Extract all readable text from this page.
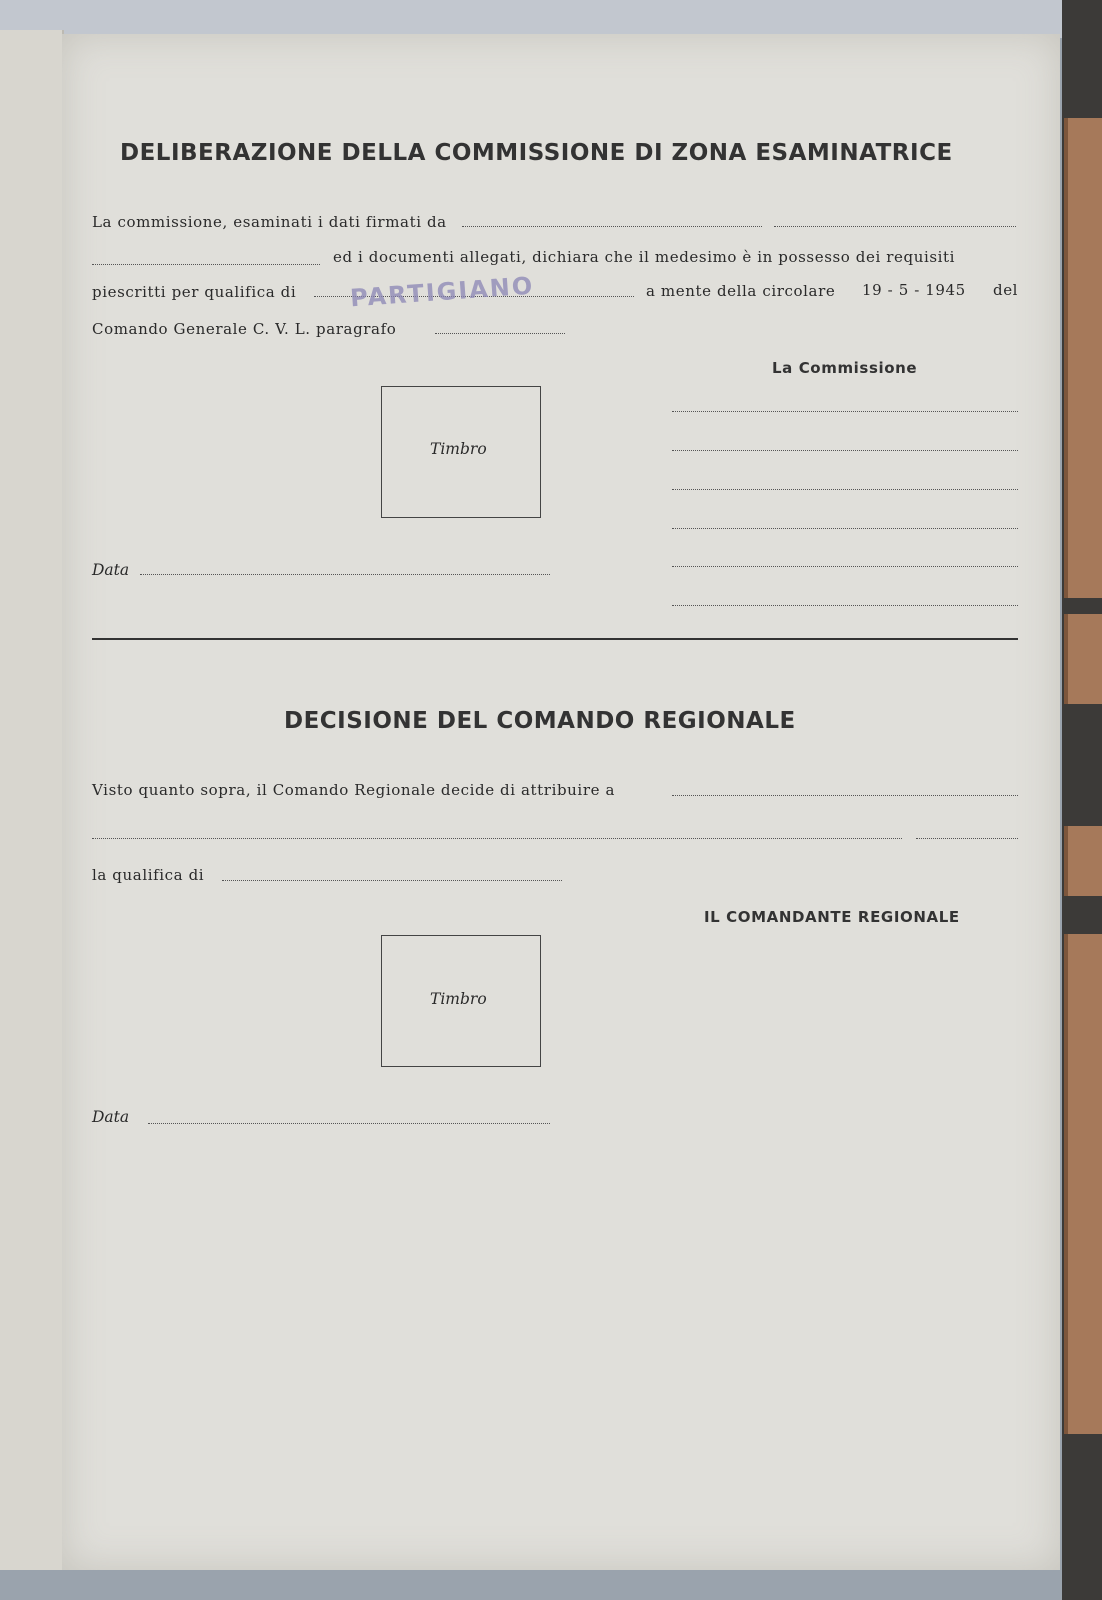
DELIBERAZIONE DELLA COMMISSIONE DI ZONA ESAMINATRICE
La commissione, esaminati i dati firmati da
ed i documenti allegati, dichiara che il medesimo è in possesso dei requisiti
piescritti per qualifica di PARTIGIANO	a mente della circolare 19 - 5 - 1945 del
Comando Generale C. V. L. paragrafo
La Commissione
Timbro
Data
DECISIONE DEL COMANDO REGIONALE
Visto quanto sopra, il Comando Regionale decide di attribuire a
la qualifica di
IL COMANDANTE REGIONALE
Timbro
Data
